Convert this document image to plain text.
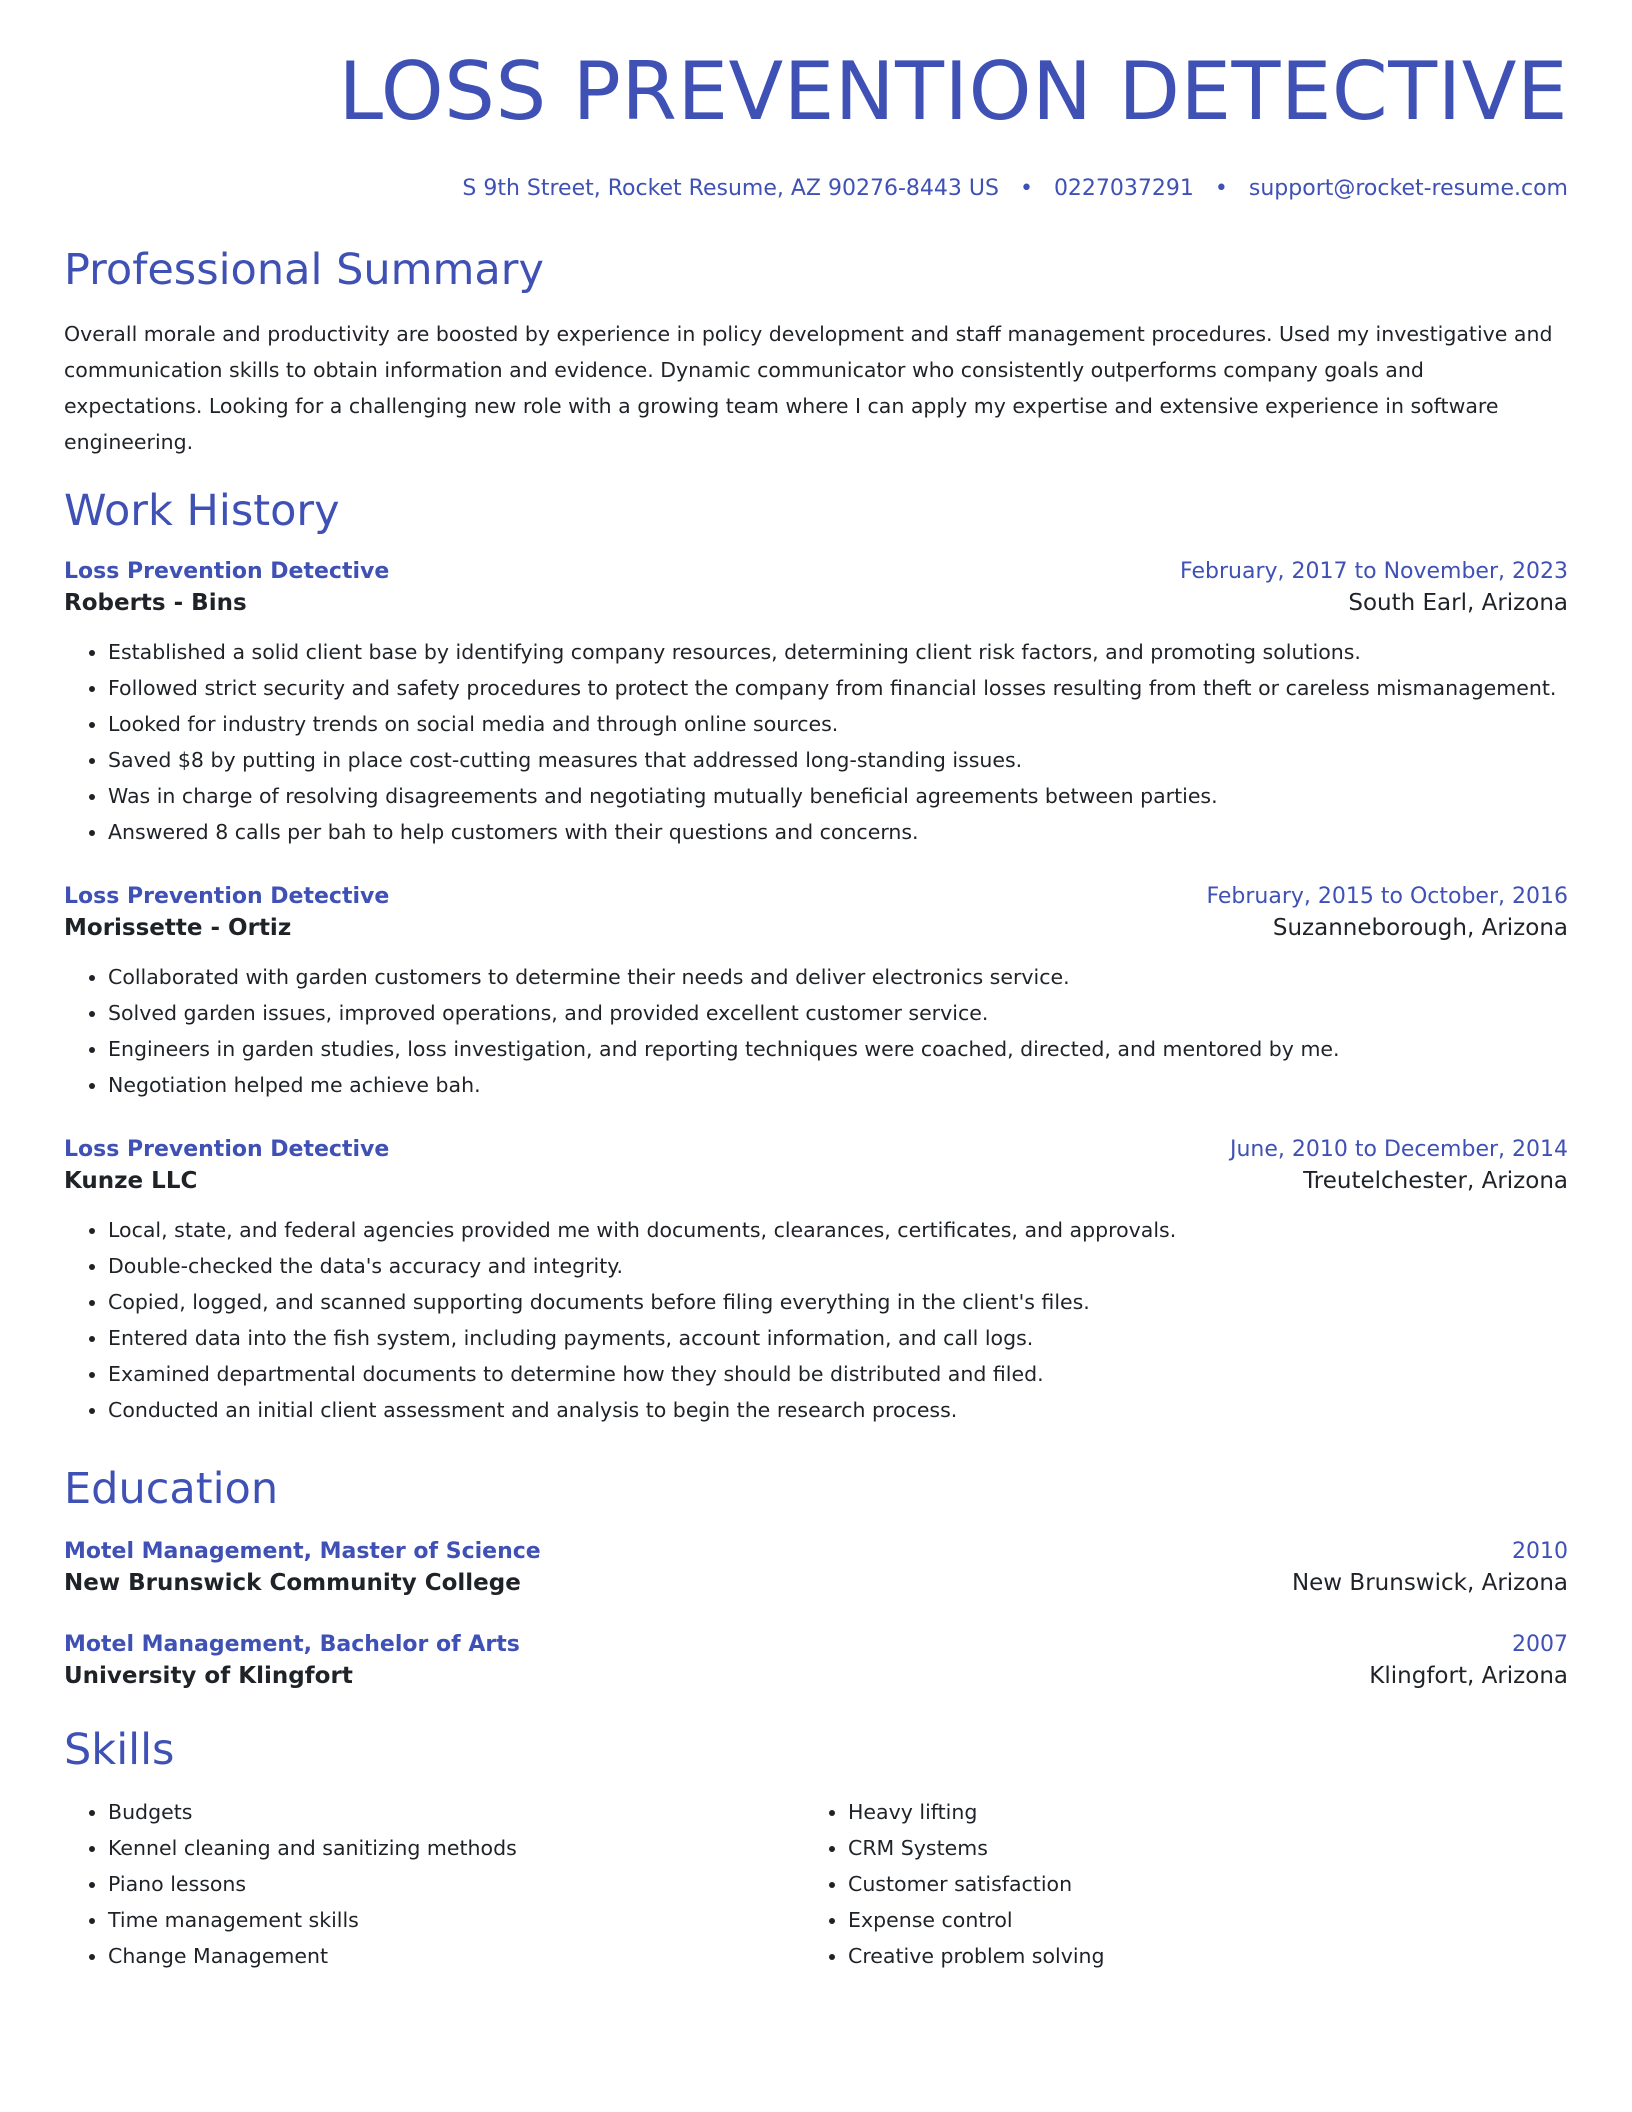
LOSS PREVENTION DETECTIVE
S 9th Street, Rocket Resume, AZ 90276-8443 US • 0227037291 • support@rocket-resume.com
Professional Summary
Overall morale and productivity are boosted by experience in policy development and staff management procedures. Used my investigative and communication skills to obtain information and evidence. Dynamic communicator who consistently outperforms company goals and expectations. Looking for a challenging new role with a growing team where I can apply my expertise and extensive experience in software engineering.
Work History
Loss Prevention Detective	February, 2017 to November, 2023
Roberts - Bins	South Earl, Arizona
• Established a solid client base by identifying company resources, determining client risk factors, and promoting solutions.
• Followed strict security and safety procedures to protect the company from financial losses resulting from theft or careless mismanagement.
• Looked for industry trends on social media and through online sources.
• Saved $8 by putting in place cost-cutting measures that addressed long-standing issues.
• Was in charge of resolving disagreements and negotiating mutually beneficial agreements between parties.
• Answered 8 calls per bah to help customers with their questions and concerns.
Loss Prevention Detective	February, 2015 to October, 2016
Morissette - Ortiz	Suzanneborough, Arizona
• Collaborated with garden customers to determine their needs and deliver electronics service.
• Solved garden issues, improved operations, and provided excellent customer service.
• Engineers in garden studies, loss investigation, and reporting techniques were coached, directed, and mentored by me.
• Negotiation helped me achieve bah.
Loss Prevention Detective	June, 2010 to December, 2014
Kunze LLC	Treutelchester, Arizona
• Local, state, and federal agencies provided me with documents, clearances, certificates, and approvals.
• Double-checked the data's accuracy and integrity.
• Copied, logged, and scanned supporting documents before filing everything in the client's files.
• Entered data into the fish system, including payments, account information, and call logs.
• Examined departmental documents to determine how they should be distributed and filed.
• Conducted an initial client assessment and analysis to begin the research process.
Education
Motel Management, Master of Science	2010
New Brunswick Community College	New Brunswick, Arizona
Motel Management, Bachelor of Arts	2007
University of Klingfort	Klingfort, Arizona
Skills
• Budgets
• Kennel cleaning and sanitizing methods
• Piano lessons
• Time management skills
• Change Management
• Heavy lifting
• CRM Systems
• Customer satisfaction
• Expense control
• Creative problem solving
